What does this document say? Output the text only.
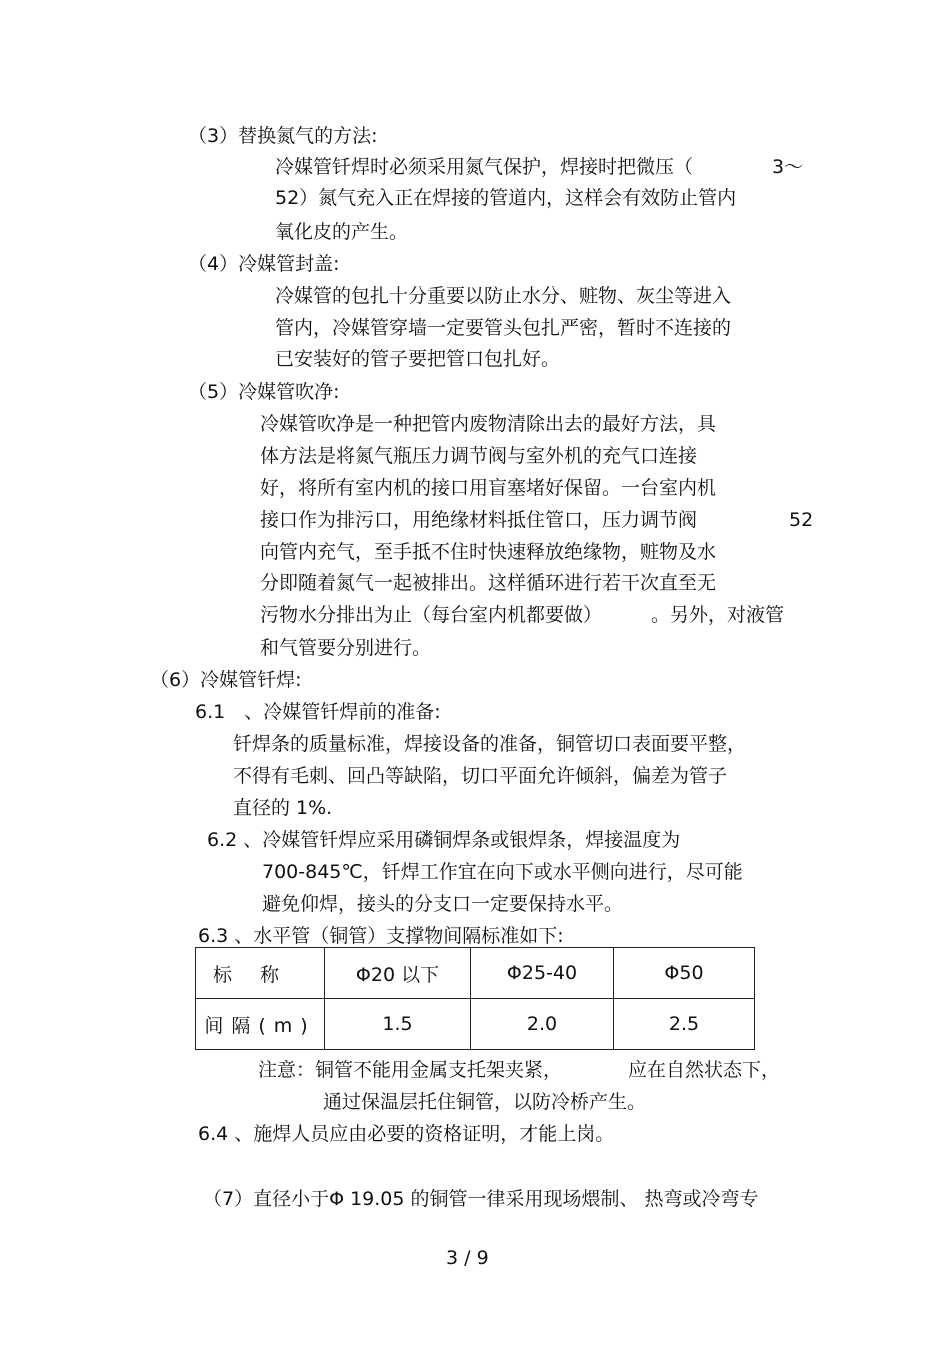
（3）替换氮气的方法:
冷媒管钎焊时必须采用氮气保护，焊接时把微压（	3～
52）氮气充入正在焊接的管道内，这样会有效防止管内
氧化皮的产生。
（4）冷媒管封盖:
冷媒管的包扎十分重要以防止水分、赃物、灰尘等进入
管内，冷媒管穿墙一定要管头包扎严密，暂时不连接的
已安装好的管子要把管口包扎好。
（5）冷媒管吹净:
冷媒管吹净是一种把管内废物清除出去的最好方法，具
体方法是将氮气瓶压力调节阀与室外机的充气口连接
好，将所有室内机的接口用盲塞堵好保留。一台室内机
接口作为排污口，用绝缘材料抵住管口，压力调节阀	52
向管内充气，至手抵不住时快速释放绝缘物，赃物及水
分即随着氮气一起被排出。这样循环进行若干次直至无
污物水分排出为止（每台室内机都要做）	。另外，对液管
和气管要分别进行。
（6）冷媒管钎焊:
6.1　、冷媒管钎焊前的准备:
钎焊条的质量标准，焊接设备的准备，铜管切口表面要平整，
不得有毛刺、回凸等缺陷，切口平面允许倾斜，偏差为管子
直径的 1%.
6.2 、冷媒管钎焊应采用磷铜焊条或银焊条，焊接温度为
700-845℃，钎焊工作宜在向下或水平侧向进行，尽可能
避免仰焊，接头的分支口一定要保持水平。
6.3 、水平管（铜管）支撑物间隔标准如下:
标称	Φ20 以下	Φ25-40	Φ50
间隔(m)	1.5	2.0	2.5
注意：铜管不能用金属支托架夹紧，	应在自然状态下，
通过保温层托住铜管，以防冷桥产生。
6.4 、施焊人员应由必要的资格证明，才能上岗。
（7）直径小于Φ 19.05 的铜管一律采用现场煨制、 热弯或冷弯专
3 / 9
